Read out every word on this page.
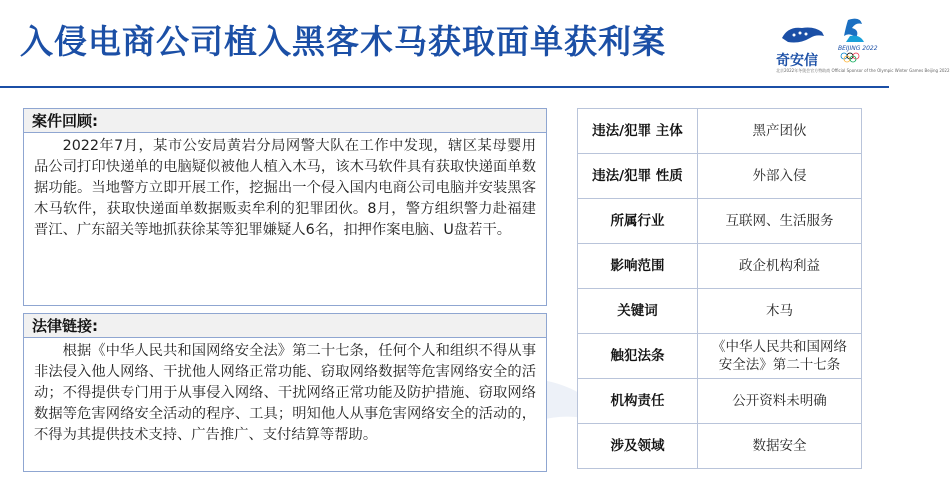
入侵电商公司植入黑客木马获取面单获利案	BEIJING 2022
奇安信
北京2022年冬奥会官方赞助商 Official Sponsor of the Olympic Winter Games Beijing 2022
案件回顾:
2022年7月，某市公安局黄岩分局网警大队在工作中发现，辖区某母婴用品公司打印快递单的电脑疑似被他人植入木马，该木马软件具有获取快递面单数据功能。当地警方立即开展工作，挖掘出一个侵入国内电商公司电脑并安装黑客木马软件，获取快递面单数据贩卖牟利的犯罪团伙。8月，警方组织警力赴福建晋江、广东韶关等地抓获徐某等犯罪嫌疑人6名，扣押作案电脑、U盘若干。
法律链接:
根据《中华人民共和国网络安全法》第二十七条，任何个人和组织不得从事非法侵入他人网络、干扰他人网络正常功能、窃取网络数据等危害网络安全的活动；不得提供专门用于从事侵入网络、干扰网络正常功能及防护措施、窃取网络数据等危害网络安全活动的程序、工具；明知他人从事危害网络安全的活动的，不得为其提供技术支持、广告推广、支付结算等帮助。
违法/犯罪 主体	黑产团伙
违法/犯罪 性质	外部入侵
所属行业	互联网、生活服务
影响范围	政企机构利益
关键词	木马
触犯法条	《中华人民共和国网络安全法》第二十七条
机构责任	公开资料未明确
涉及领域	数据安全
